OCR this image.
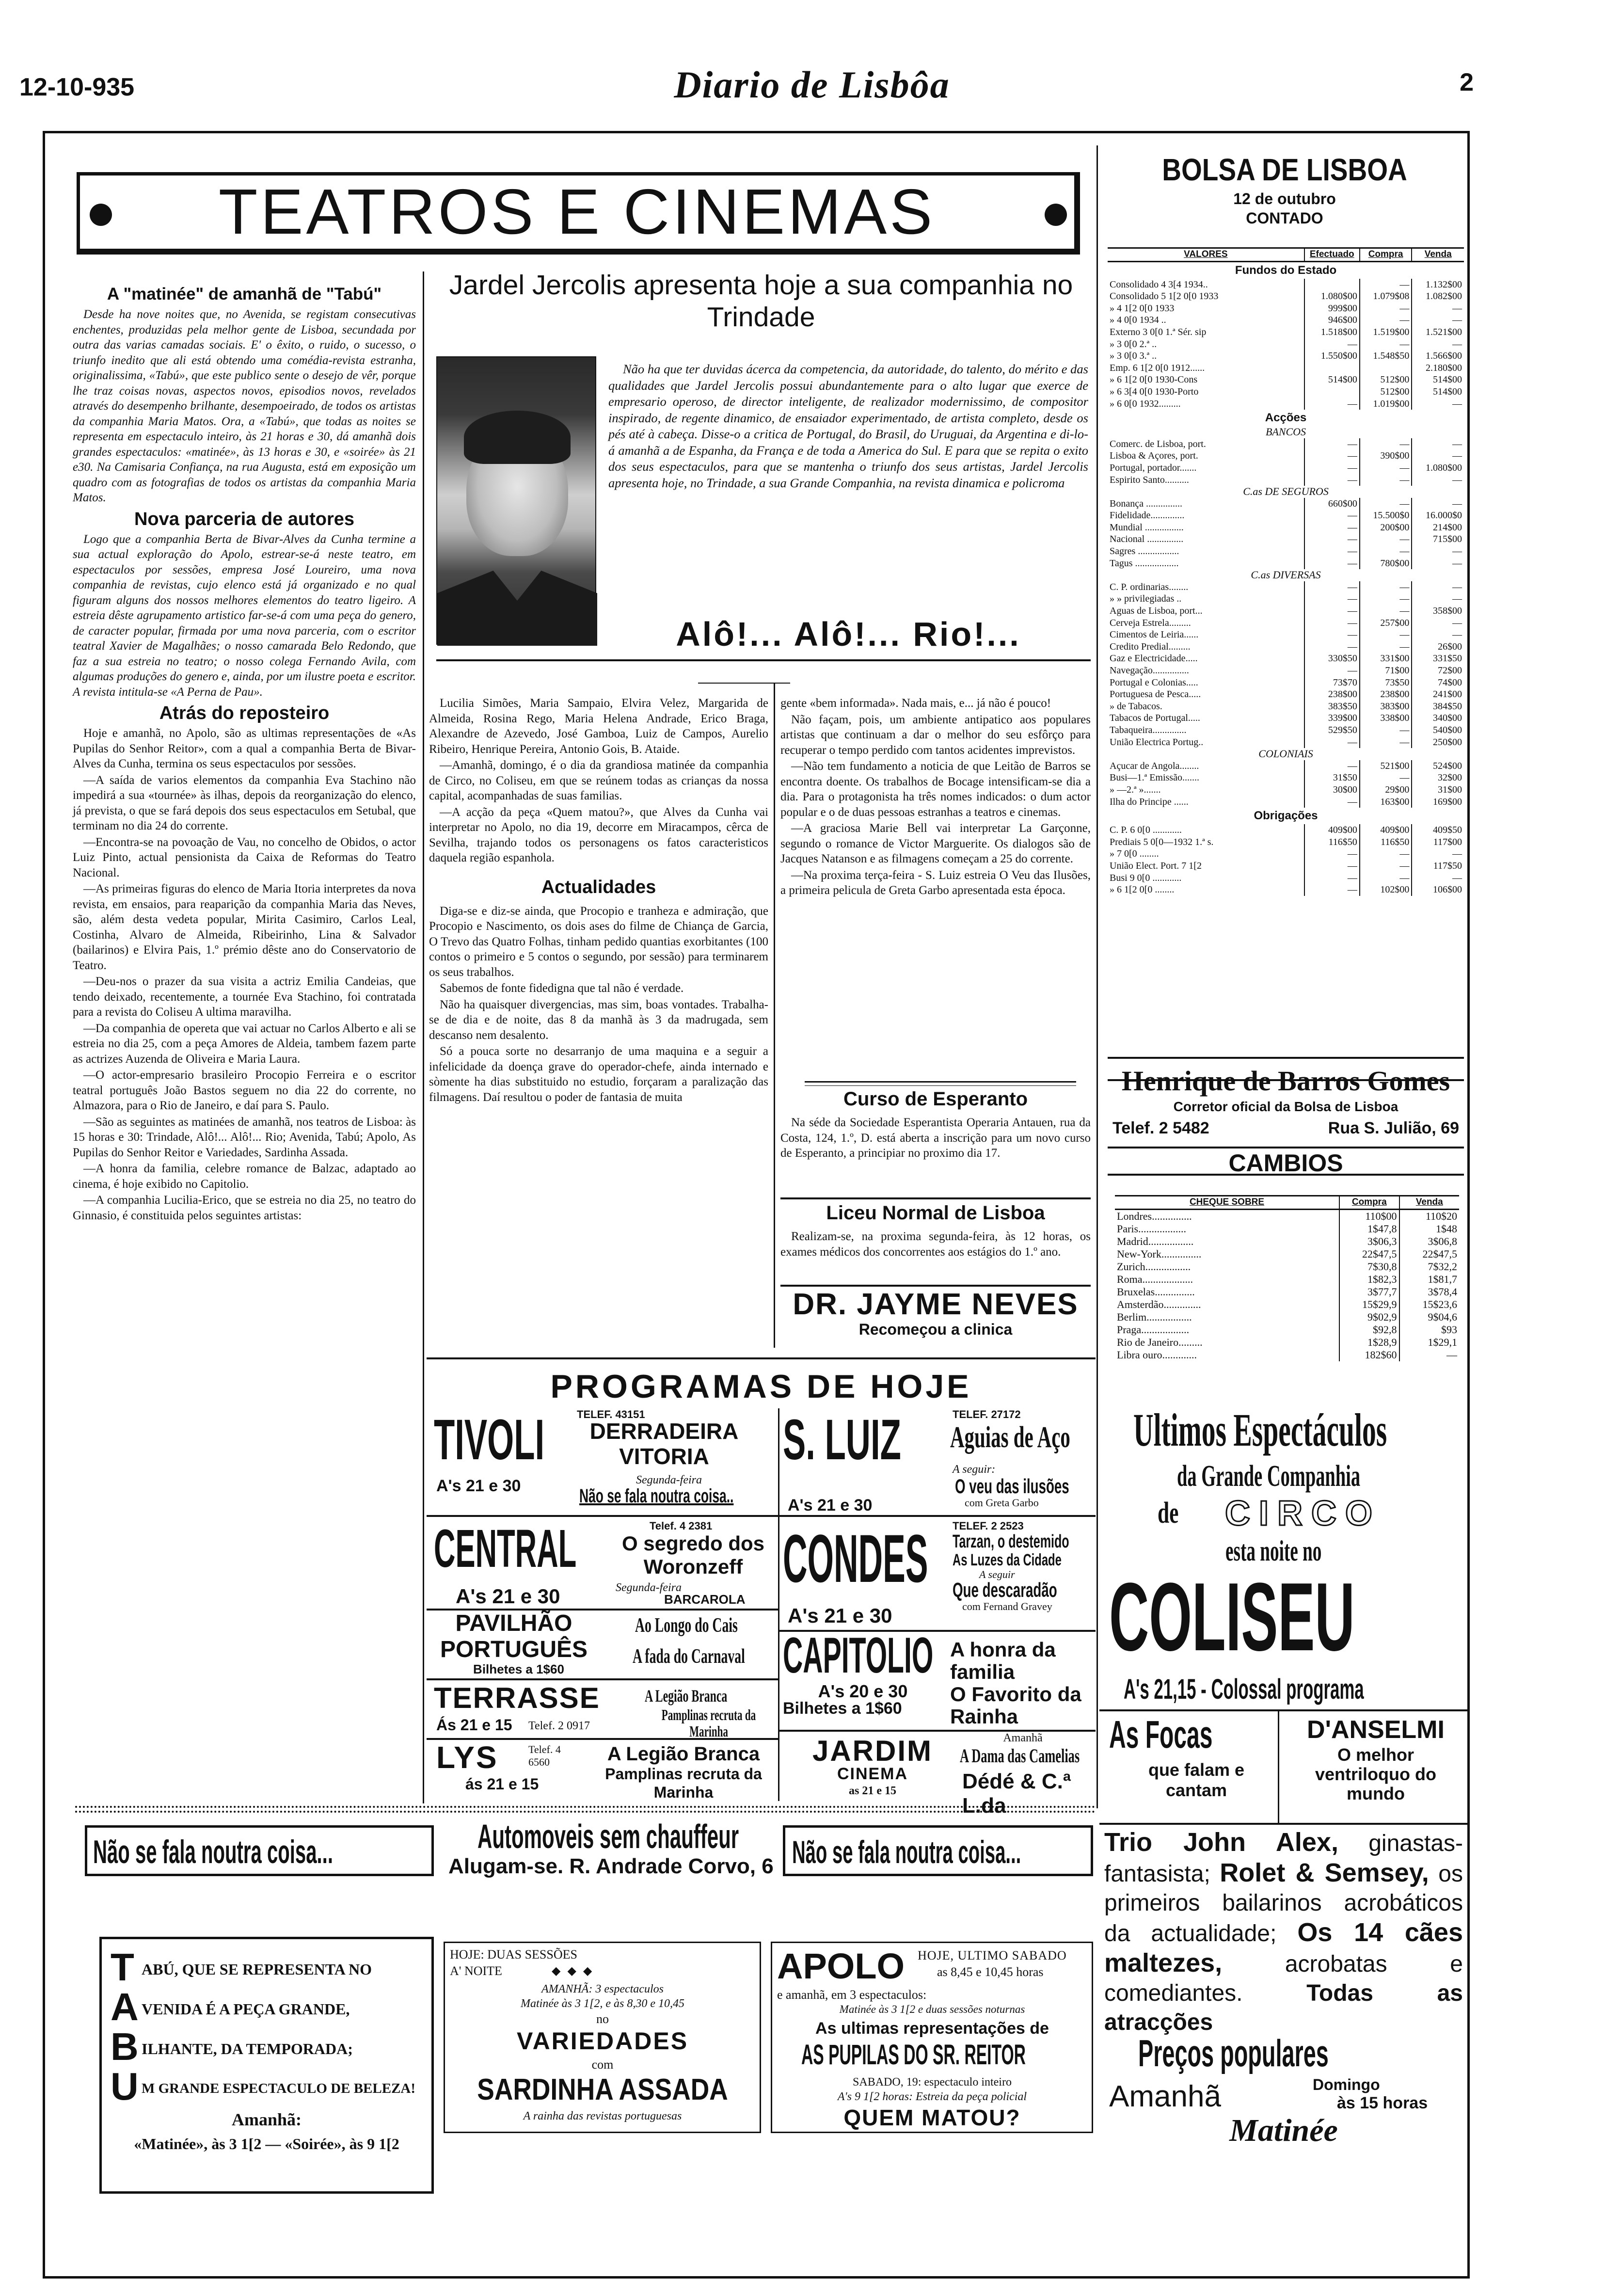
12-10-935	Diario de Lisbôa	2
TEATROS E CINEMAS
A "matinée" de amanhã de "Tabú"

Desde ha nove noites que, no Avenida, se registam consecutivas enchentes, produzidas pela melhor gente de Lisboa, secundada por outra das varias camadas sociais. E' o êxito, o ruido, o sucesso, o triunfo inedito que ali está obtendo uma comédia-revista estranha, originalissima, «Tabú», que este publico sente o desejo de vêr, porque lhe traz coisas novas, aspectos novos, episodios novos, revelados através do desempenho brilhante, desempoeirado, de todos os artistas da companhia Maria Matos. Ora, a «Tabú», que todas as noites se representa em espectaculo inteiro, às 21 horas e 30, dá amanhã dois grandes espectaculos: «matinée», às 13 horas e 30, e «soirée» às 21 e30. Na Camisaria Confiança, na rua Augusta, está em exposição um quadro com as fotografias de todos os artistas da companhia Maria Matos.

Nova parceria de autores

Logo que a companhia Berta de Bivar-Alves da Cunha termine a sua actual exploração do Apolo, estrear-se-á neste teatro, em espectaculos por sessões, empresa José Loureiro, uma nova companhia de revistas, cujo elenco está já organizado e no qual figuram alguns dos nossos melhores elementos do teatro ligeiro. A estreia dêste agrupamento artistico far-se-á com uma peça do genero, de caracter popular, firmada por uma nova parceria, com o escritor teatral Xavier de Magalhães; o nosso camarada Belo Redondo, que faz a sua estreia no teatro; o nosso colega Fernando Avila, com algumas produções do genero e, ainda, por um ilustre poeta e escritor. A revista intitula-se «A Perna de Pau».

Atrás do reposteiro

Hoje e amanhã, no Apolo, são as ultimas representações de «As Pupilas do Senhor Reitor», com a qual a companhia Berta de Bivar-Alves da Cunha, termina os seus espectaculos por sessões.

—A saída de varios elementos da companhia Eva Stachino não impedirá a sua «tournée» às ilhas, depois da reorganização do elenco, já prevista, o que se fará depois dos seus espectaculos em Setubal, que terminam no dia 24 do corrente.

—Encontra-se na povoação de Vau, no concelho de Obidos, o actor Luiz Pinto, actual pensionista da Caixa de Reformas do Teatro Nacional.

—As primeiras figuras do elenco de Maria Itoria interpretes da nova revista, em ensaios, para reaparição da companhia Maria das Neves, são, além desta vedeta popular, Mirita Casimiro, Carlos Leal, Costinha, Alvaro de Almeida, Ribeirinho, Lina & Salvador (bailarinos) e Elvira Pais, 1.º prémio dêste ano do Conservatorio de Teatro.

—Deu-nos o prazer da sua visita a actriz Emilia Candeias, que tendo deixado, recentemente, a tournée Eva Stachino, foi contratada para a revista do Coliseu A ultima maravilha.

—Da companhia de opereta que vai actuar no Carlos Alberto e ali se estreia no dia 25, com a peça Amores de Aldeia, tambem fazem parte as actrizes Auzenda de Oliveira e Maria Laura.

—O actor-empresario brasileiro Procopio Ferreira e o escritor teatral português João Bastos seguem no dia 22 do corrente, no Almazora, para o Rio de Janeiro, e daí para S. Paulo.

—São as seguintes as matinées de amanhã, nos teatros de Lisboa: às 15 horas e 30: Trindade, Alô!... Alô!... Rio; Avenida, Tabú; Apolo, As Pupilas do Senhor Reitor e Variedades, Sardinha Assada.

—A honra da familia, celebre romance de Balzac, adaptado ao cinema, é hoje exibido no Capitolio.

—A companhia Lucilia-Erico, que se estreia no dia 25, no teatro do Ginnasio, é constituida pelos seguintes artistas:

Jardel Jercolis apresenta hoje a sua companhia no Trindade
Não ha que ter duvidas ácerca da competencia, da autoridade, do talento, do mérito e das qualidades que Jardel Jercolis possui abundantemente para o alto lugar que exerce de empresario operoso, de director inteligente, de realizador modernissimo, de compositor inspirado, de regente dinamico, de ensaiador experimentado, de artista completo, desde os pés até à cabeça. Disse-o a critica de Portugal, do Brasil, do Uruguai, da Argentina e di-lo-á amanhã a de Espanha, da França e de toda a America do Sul. E para que se repita o exito dos seus espectaculos, para que se mantenha o triunfo dos seus artistas, Jardel Jercolis apresenta hoje, no Trindade, a sua Grande Companhia, na revista dinamica e policroma
Alô!... Alô!... Rio!...

Lucilia Simões, Maria Sampaio, Elvira Velez, Margarida de Almeida, Rosina Rego, Maria Helena Andrade, Erico Braga, Alexandre de Azevedo, José Gamboa, Luiz de Campos, Aurelio Ribeiro, Henrique Pereira, Antonio Gois, B. Ataide.

—Amanhã, domingo, é o dia da grandiosa matinée da companhia de Circo, no Coliseu, em que se reúnem todas as crianças da nossa capital, acompanhadas de suas familias.

—A acção da peça «Quem matou?», que Alves da Cunha vai interpretar no Apolo, no dia 19, decorre em Miracampos, cêrca de Sevilha, trajando todos os personagens os fatos caracteristicos daquela região espanhola.

Actualidades

Diga-se e diz-se ainda, que Procopio e tranheza e admiração, que Procopio e Nascimento, os dois ases do filme de Chiança de Garcia, O Trevo das Quatro Folhas, tinham pedido quantias exorbitantes (100 contos o primeiro e 5 contos o segundo, por sessão) para terminarem os seus trabalhos.

Sabemos de fonte fidedigna que tal não é verdade.

Não ha quaisquer divergencias, mas sim, boas vontades. Trabalha-se de dia e de noite, das 8 da manhã às 3 da madrugada, sem descanso nem desalento.

Só a pouca sorte no desarranjo de uma maquina e a seguir a infelicidade da doença grave do operador-chefe, ainda internado e sòmente ha dias substituido no estudio, forçaram a paralização das filmagens. Daí resultou o poder de fantasia de muita

gente «bem informada». Nada mais, e... já não é pouco!

Não façam, pois, um ambiente antipatico aos populares artistas que continuam a dar o melhor do seu esfôrço para recuperar o tempo perdido com tantos acidentes imprevistos.

—Não tem fundamento a noticia de que Leitão de Barros se encontra doente. Os trabalhos de Bocage intensificam-se dia a dia. Para o protagonista ha três nomes indicados: o dum actor popular e o de duas pessoas estranhas a teatros e cinemas.

—A graciosa Marie Bell vai interpretar La Garçonne, segundo o romance de Victor Marguerite. Os dialogos são de Jacques Natanson e as filmagens começam a 25 do corrente.

—Na proxima terça-feira - S. Luiz estreia O Veu das Ilusões, a primeira pelicula de Greta Garbo apresentada esta época.

Curso de Esperanto
Na séde da Sociedade Esperantista Operaria Antauen, rua da Costa, 124, 1.º, D. está aberta a inscrição para um novo curso de Esperanto, a principiar no proximo dia 17.
Liceu Normal de Lisboa
Realizam-se, na proxima segunda-feira, às 12 horas, os exames médicos dos concorrentes aos estágios do 1.º ano.
DR. JAYME NEVES
Recomeçou a clinica
BOLSA DE LISBOA
12 de outubro
CONTADO
VALORES	Efectuado	Compra	Venda
Fundos do Estado			
Consolidado 4 3[4 1934..		—	1.132$00
Consolidado 5 1[2 0[0 1933	1.080$00	1.079$08	1.082$00
» 4 1[2 0[0 1933	999$00	—	—
» 4 0[0 1934 ..	946$00	—	—
Externo 3 0[0 1.ª Sér. sip	1.518$00	1.519$00	1.521$00
» 3 0[0 2.ª ..	—	—	—
» 3 0[0 3.ª ..	1.550$00	1.548$50	1.566$00
Emp. 6 1[2 0[0 1912......			2.180$00
» 6 1[2 0[0 1930-Cons	514$00	512$00	514$00
» 6 3[4 0[0 1930-Porto		512$00	514$00
» 6 0[0 1932.........	—	1.019$00	—
Acções			
BANCOS			
Comerc. de Lisboa, port.	—	—	—
Lisboa & Açores, port.	—	390$00	—
Portugal, portador.......	—	—	1.080$00
Espirito Santo..........	—	—	—
C.as DE SEGUROS			
Bonança ...............	660$00	—	—
Fidelidade..............	—	15.500$0	16.000$0
Mundial ................	—	200$00	214$00
Nacional ...............	—	—	715$00
Sagres .................	—	—	—
Tagus ..................	—	780$00	—
C.as DIVERSAS			
C. P. ordinarias........	—	—	—
» » privilegiadas ..	—	—	—
Aguas de Lisboa, port...	—	—	358$00
Cerveja Estrela.........	—	257$00	—
Cimentos de Leiria......	—	—	—
Credito Predial.........	—	—	26$00
Gaz e Electricidade.....	330$50	331$00	331$50
Navegação...............	—	71$00	72$00
Portugal e Colonias.....	73$70	73$50	74$00
Portuguesa de Pesca.....	238$00	238$00	241$00
» de Tabacos.	383$50	383$00	384$50
Tabacos de Portugal.....	339$00	338$00	340$00
Tabaqueira..............	529$50	—	540$00
União Electrica Portug..	—	—	250$00
COLONIAIS			
Açucar de Angola........	—	521$00	524$00
Busi—1.ª Emissão.......	31$50	—	32$00
» —2.ª ».......	30$00	29$00	31$00
Ilha do Principe ......	—	163$00	169$00
Obrigações			
C. P. 6 0[0 ............	409$00	409$00	409$50
Prediais 5 0[0—1932 1.ª s.	116$50	116$50	117$00
» 7 0[0 ........	—	—	—
União Elect. Port. 7 1[2	—	—	117$50
Busi 9 0[0 ............	—	—	—
» 6 1[2 0[0 ........	—	102$00	106$00
Henrique de Barros Gomes
Corretor oficial da Bolsa de Lisboa
Telef. 2 5482	Rua S. Julião, 69
CAMBIOS
CHEQUE SOBRE	Compra	Venda
Londres...............	110$00	110$20
Paris..................	1$47,8	1$48
Madrid.................	3$06,3	3$06,8
New-York...............	22$47,5	22$47,5
Zurich.................	7$30,8	7$32,2
Roma...................	1$82,3	1$81,7
Bruxelas...............	3$77,7	3$78,4
Amsterdão..............	15$29,9	15$23,6
Berlim.................	9$02,9	9$04,6
Praga..................	$92,8	$93
Rio de Janeiro.........	1$28,9	1$29,1
Libra ouro.............	182$60	—
PROGRAMAS DE HOJE
TIVOLI	TELEF. 43151
DERRADEIRA VITORIA
A's 21 e 30	Segunda-feira
Não se fala noutra coisa..
S. LUIZ	TELEF. 27172
Aguias de Aço
A seguir:
O veu das ilusões
com Greta Garbo
A's 21 e 30
CENTRAL	Telef. 4 2381
O segredo dos Woronzeff
A's 21 e 30	Segunda-feira
BARCAROLA
CONDES TELEF. 2 2523
Tarzan, o destemido
As Luzes da Cidade
A seguir
Que descaradão
com Fernand Gravey
A's 21 e 30
PAVILHÃO PORTUGUÊS
Bilhetes a 1$60
Ao Longo do Cais
A fada do Carnaval CAPITOLIO
A's 20 e 30
Bilhetes a 1$60
A honra da familia
O Favorito da Rainha
TERRASSE	A Legião Branca
Ás 21 e 15	Telef. 2 0917
Pamplinas recruta da Marinha
LYS	Telef. 4 6560
ás 21 e 15
A Legião Branca
Pamplinas recruta da Marinha
JARDIM
CINEMA
as 21 e 15
Amanhã
A Dama das Camelias
Dédé & C.ª L.da
Ultimos Espectáculos
da Grande Companhia
de	CIRCO
esta noite no
COLISEU
A's 21,15 - Colossal programa
As Focas
que falam e cantam
D'ANSELMI
O melhor ventriloquo do mundo
Trio John Alex, ginastas-fantasista; Rolet & Semsey, os primeiros bailarinos acrobáticos da actualidade; Os 14 cães maltezes, acrobatas e comediantes. Todas as atracções
Preços populares
Amanhã	Domingo
às 15 horas
Matinée
Não se fala noutra coisa...	Automoveis sem chauffeur
Alugam-se. R. Andrade Corvo, 6 Não se fala noutra coisa...
T ABÚ, QUE SE REPRESENTA NO
A VENIDA É A PEÇA GRANDE,
B ILHANTE, DA TEMPORADA;
U M GRANDE ESPECTACULO DE BELEZA!
Amanhã:
«Matinée», às 3 1[2 — «Soirée», às 9 1[2
HOJE: DUAS SESSÕES
A' NOITE	◆◆◆
AMANHÃ: 3 espectaculos
Matinée às 3 1[2, e às 8,30 e 10,45
no
VARIEDADES
com
SARDINHA ASSADA
A rainha das revistas portuguesas
APOLO	HOJE, ULTIMO SABADO
as 8,45 e 10,45 horas
e amanhã, em 3 espectaculos:
Matinée às 3 1[2 e duas sessões noturnas
As ultimas representações de
AS PUPILAS DO SR. REITOR
SABADO, 19: espectaculo inteiro
A's 9 1[2 horas: Estreia da peça policial
QUEM MATOU?
